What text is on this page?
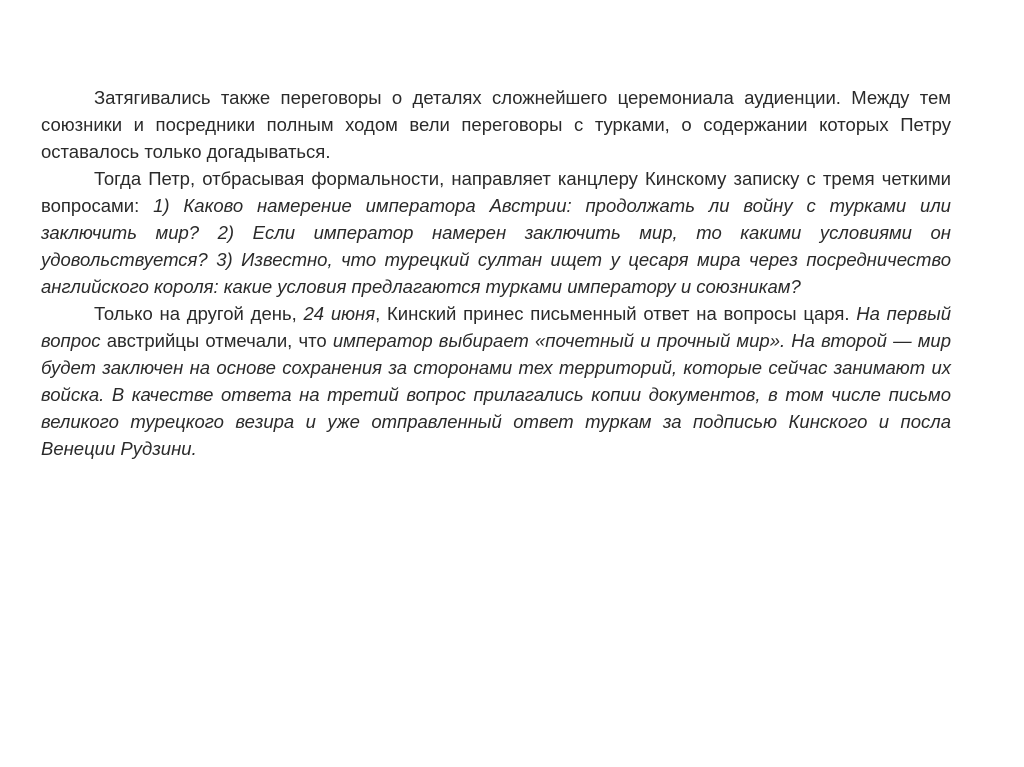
Затягивались также переговоры о деталях сложнейшего церемониала аудиенции. Между тем союзники и посредники полным ходом вели переговоры с турками, о содержании которых Петру оставалось только догадываться.

Тогда Петр, отбрасывая формальности, направляет канцлеру Кинскому записку с тремя четкими вопросами: 1) Каково намерение императора Австрии: продолжать ли войну с турками или заключить мир? 2) Если император намерен заключить мир, то какими условиями он удовольствуется? 3) Известно, что турецкий султан ищет у цесаря мира через посредничество английского короля: какие условия предлагаются турками императору и союзникам?

Только на другой день, 24 июня, Кинский принес письменный ответ на вопросы царя. На первый вопрос австрийцы отмечали, что император выбирает «почетный и прочный мир». На второй — мир будет заключен на основе сохранения за сторонами тех территорий, которые сейчас занимают их войска. В качестве ответа на третий вопрос прилагались копии документов, в том числе письмо великого турецкого везира и уже отправленный ответ туркам за подписью Кинского и посла Венеции Рудзини.
